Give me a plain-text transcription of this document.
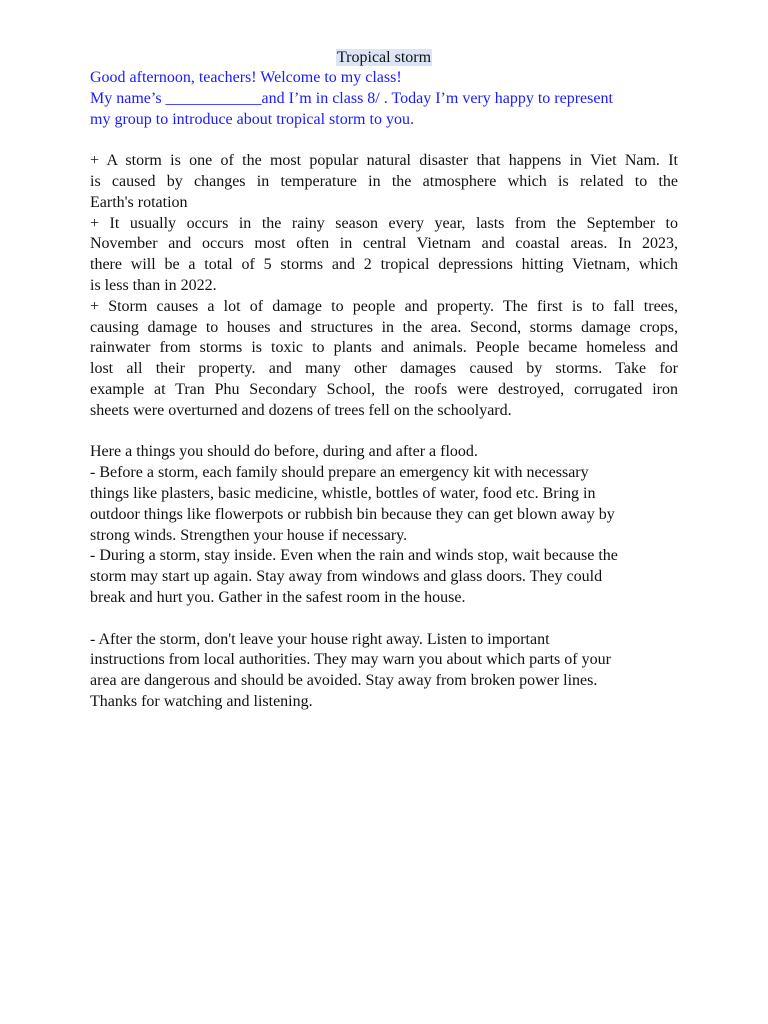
Tropical storm
Good afternoon, teachers! Welcome to my class!
My name’s ____________and I’m in class 8/ . Today I’m very happy to represent
my group to introduce about tropical storm to you.
+ A storm is one of the most popular natural disaster that happens in Viet Nam. It
is caused by changes in temperature in the atmosphere which is related to the
Earth's rotation
+ It usually occurs in the rainy season every year, lasts from the September to
November and occurs most often in central Vietnam and coastal areas. In 2023,
there will be a total of 5 storms and 2 tropical depressions hitting Vietnam, which
is less than in 2022.
+ Storm causes a lot of damage to people and property. The first is to fall trees,
causing damage to houses and structures in the area. Second, storms damage crops,
rainwater from storms is toxic to plants and animals. People became homeless and
lost all their property. and many other damages caused by storms. Take for
example at Tran Phu Secondary School, the roofs were destroyed, corrugated iron
sheets were overturned and dozens of trees fell on the schoolyard.
Here a things you should do before, during and after a flood.
- Before a storm, each family should prepare an emergency kit with necessary
things like plasters, basic medicine, whistle, bottles of water, food etc. Bring in
outdoor things like flowerpots or rubbish bin because they can get blown away by
strong winds. Strengthen your house if necessary.
- During a storm, stay inside. Even when the rain and winds stop, wait because the
storm may start up again. Stay away from windows and glass doors. They could
break and hurt you. Gather in the safest room in the house.
- After the storm, don't leave your house right away. Listen to important
instructions from local authorities. They may warn you about which parts of your
area are dangerous and should be avoided. Stay away from broken power lines.
Thanks for watching and listening.
